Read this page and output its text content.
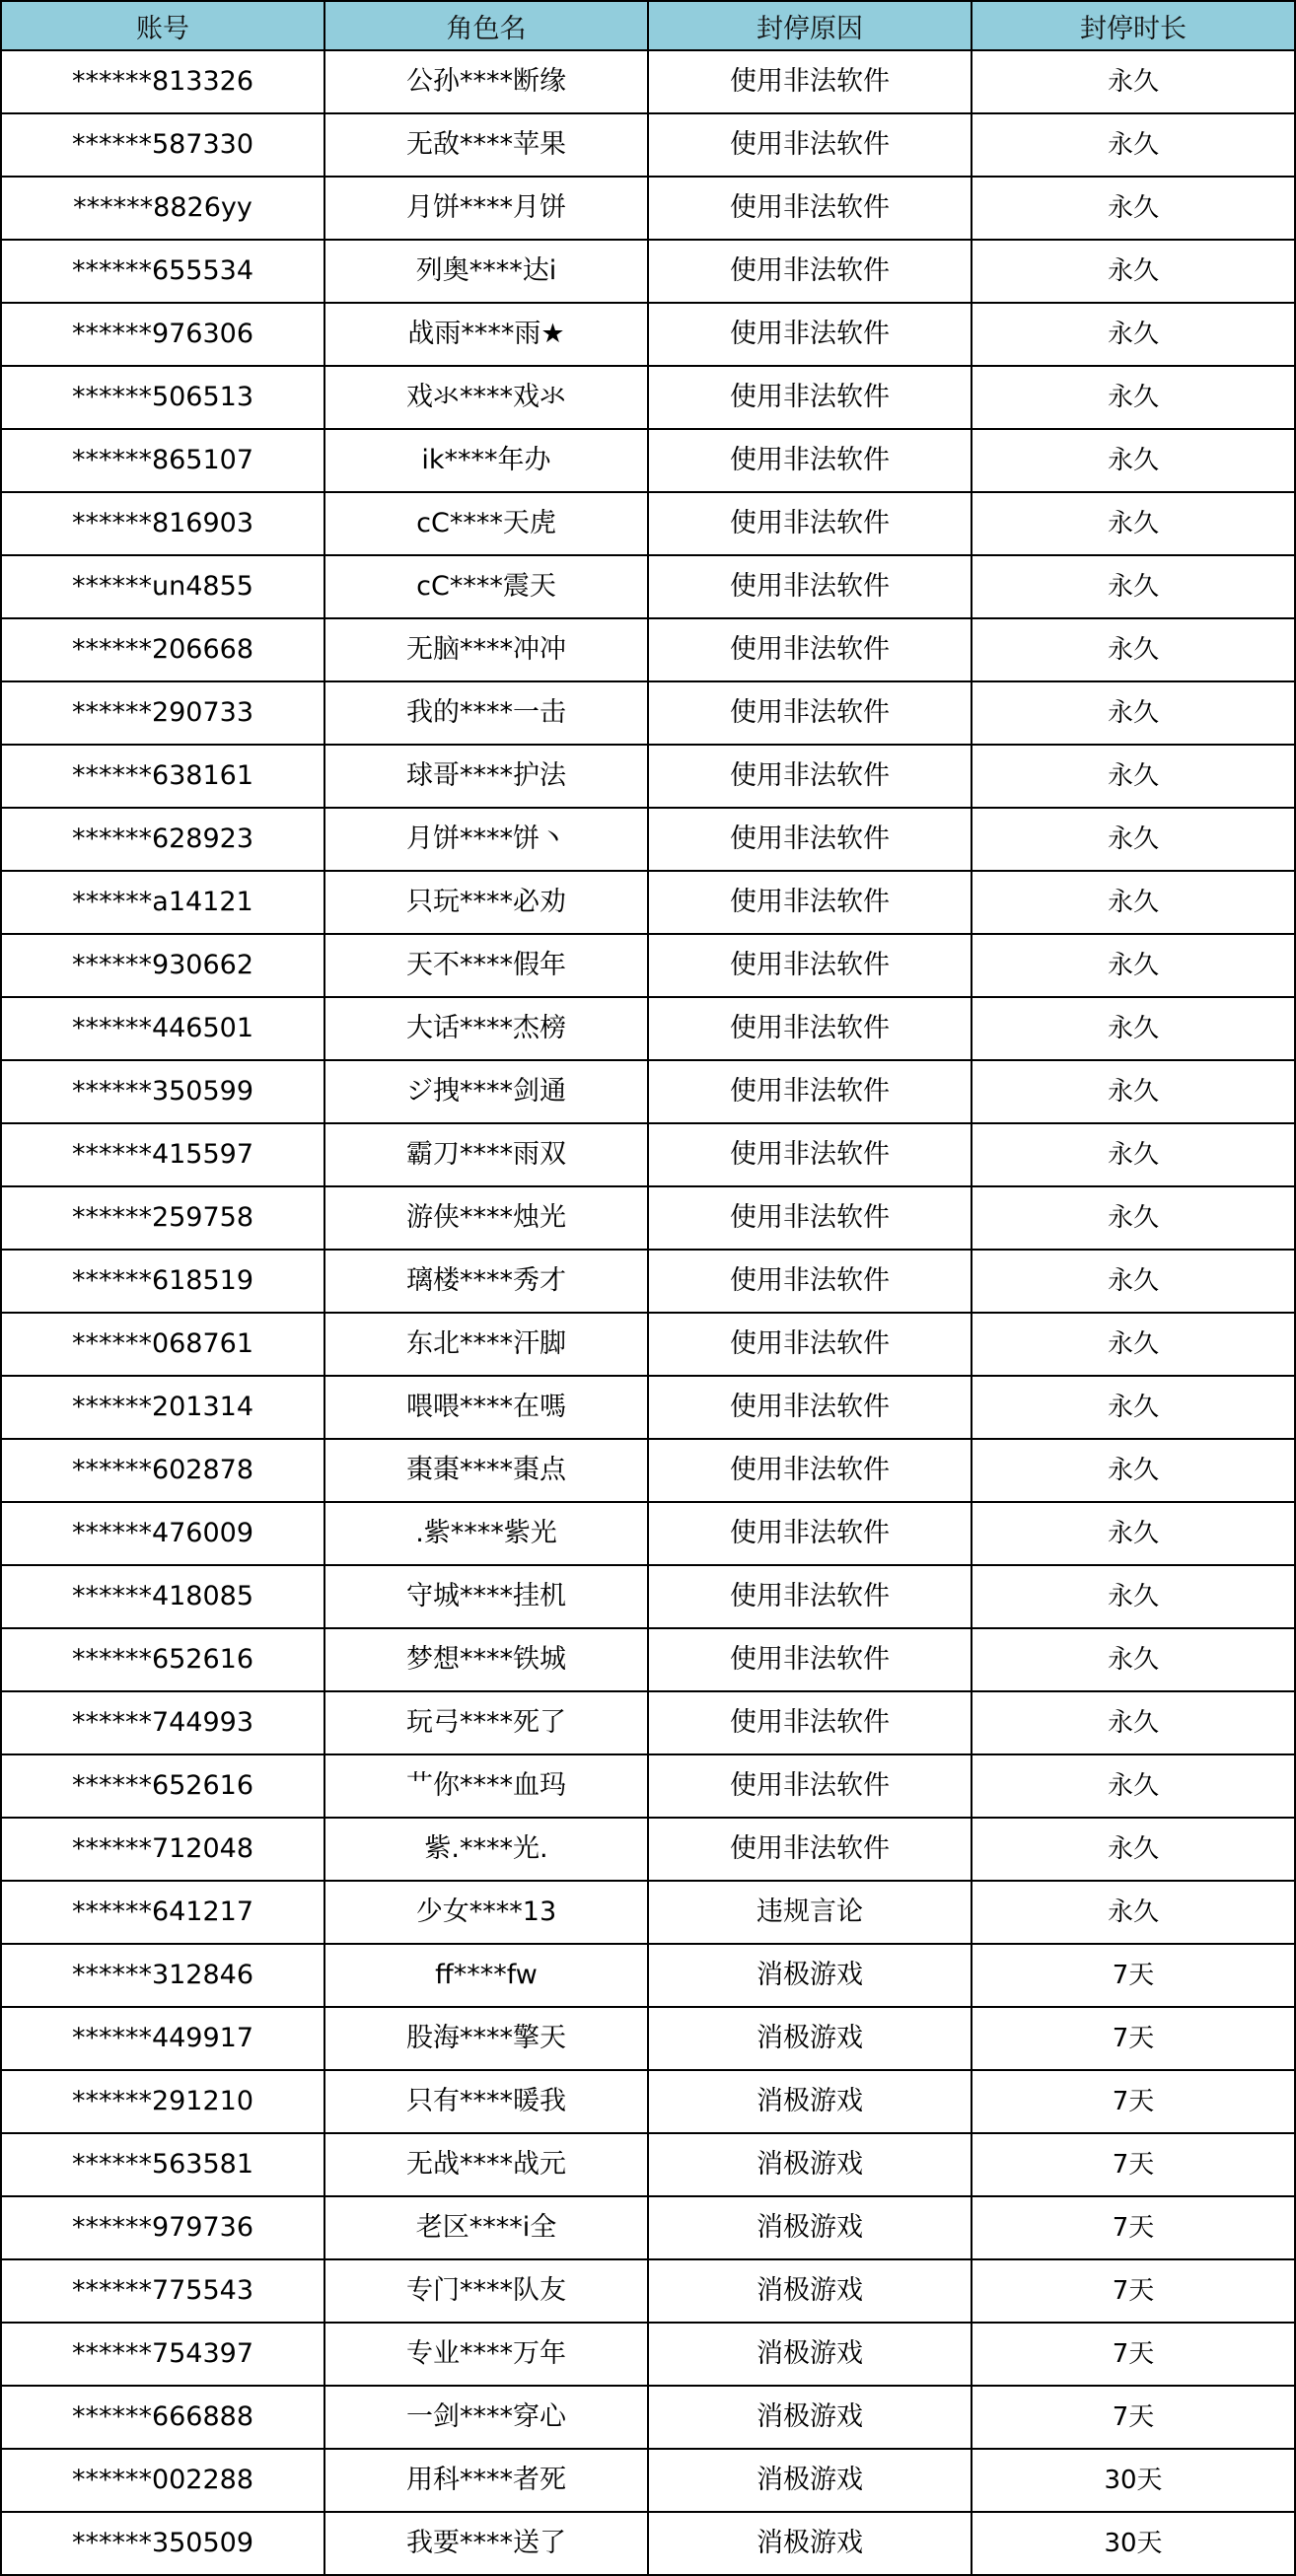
账号	角色名	封停原因	封停时长
******813326	公孙****断缘	使用非法软件	永久
******587330	无敌****苹果	使用非法软件	永久
******8826yy	月饼****月饼	使用非法软件	永久
******655534	列奥****达i	使用非法软件	永久
******976306	战雨****雨★	使用非法软件	永久
******506513	戏氺****戏氺	使用非法软件	永久
******865107	ik****年办	使用非法软件	永久
******816903	cC****天虎	使用非法软件	永久
******un4855	cC****震天	使用非法软件	永久
******206668	无脑****冲冲	使用非法软件	永久
******290733	我的****一击	使用非法软件	永久
******638161	球哥****护法	使用非法软件	永久
******628923	月饼****饼丶	使用非法软件	永久
******a14121	只玩****必劝	使用非法软件	永久
******930662	天不****假年	使用非法软件	永久
******446501	大话****杰榜	使用非法软件	永久
******350599	ジ拽****剑通	使用非法软件	永久
******415597	霸刀****雨双	使用非法软件	永久
******259758	游侠****烛光	使用非法软件	永久
******618519	璃楼****秀才	使用非法软件	永久
******068761	东北****汗脚	使用非法软件	永久
******201314	喂喂****在嗎	使用非法软件	永久
******602878	棗棗****棗点	使用非法软件	永久
******476009	.紫****紫光	使用非法软件	永久
******418085	守城****挂机	使用非法软件	永久
******652616	梦想****铁城	使用非法软件	永久
******744993	玩弓****死了	使用非法软件	永久
******652616	艹你****血玛	使用非法软件	永久
******712048	紫.****光.	使用非法软件	永久
******641217	少女****13	违规言论	永久
******312846	ff****fw	消极游戏	7天
******449917	股海****擎天	消极游戏	7天
******291210	只有****暖我	消极游戏	7天
******563581	无战****战元	消极游戏	7天
******979736	老区****i全	消极游戏	7天
******775543	专门****队友	消极游戏	7天
******754397	专业****万年	消极游戏	7天
******666888	一剑****穿心	消极游戏	7天
******002288	用科****者死	消极游戏	30天
******350509	我要****送了	消极游戏	30天
